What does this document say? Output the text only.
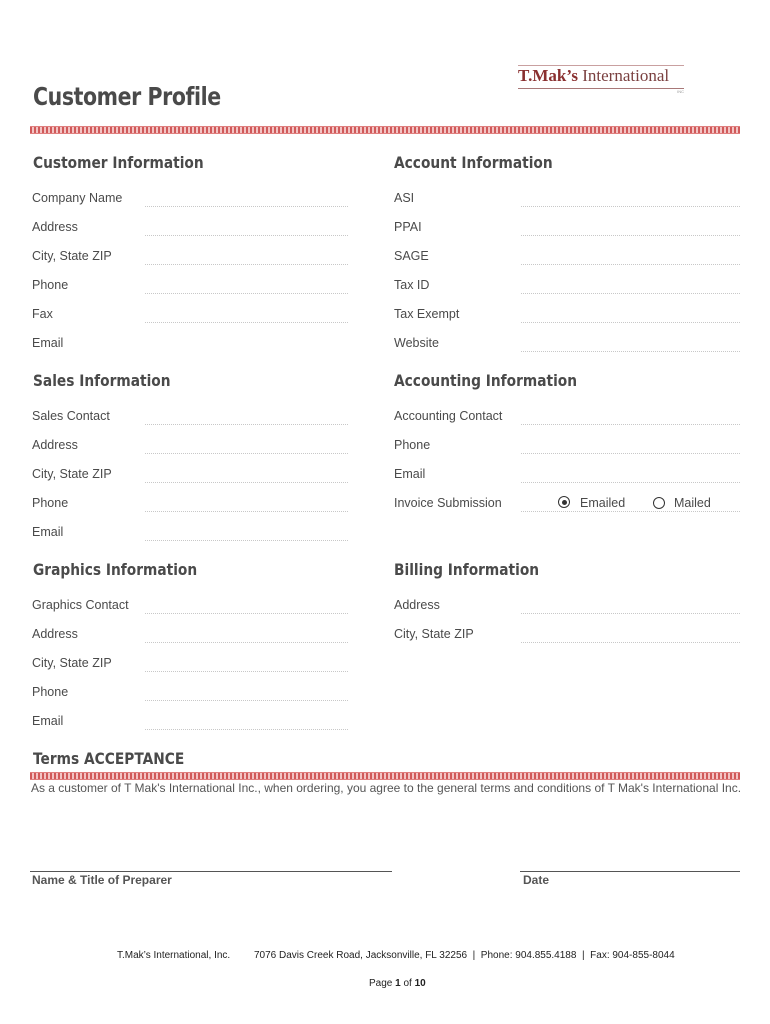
Customer Profile
T.Mak’s International
INC
Customer Information
Company Name
Address
City, State ZIP
Phone
Fax
Email
Account Information
ASI
PPAI
SAGE
Tax ID
Tax Exempt
Website
Sales Information
Sales Contact
Address
City, State ZIP
Phone
Email
Accounting Information
Accounting Contact
Phone
Email
Invoice Submission	Emailed	Mailed
Graphics Information
Graphics Contact
Address
City, State ZIP
Phone
Email
Billing Information
Address
City, State ZIP
Terms ACCEPTANCE
As a customer of T Mak's International Inc., when ordering, you agree to the general terms and conditions of T Mak's International Inc.
Name & Title of Preparer	Date
T.Mak’s International, Inc. 7076 Davis Creek Road, Jacksonville, FL 32256  |  Phone: 904.855.4188  |  Fax: 904-855-8044
Page 1 of 10
